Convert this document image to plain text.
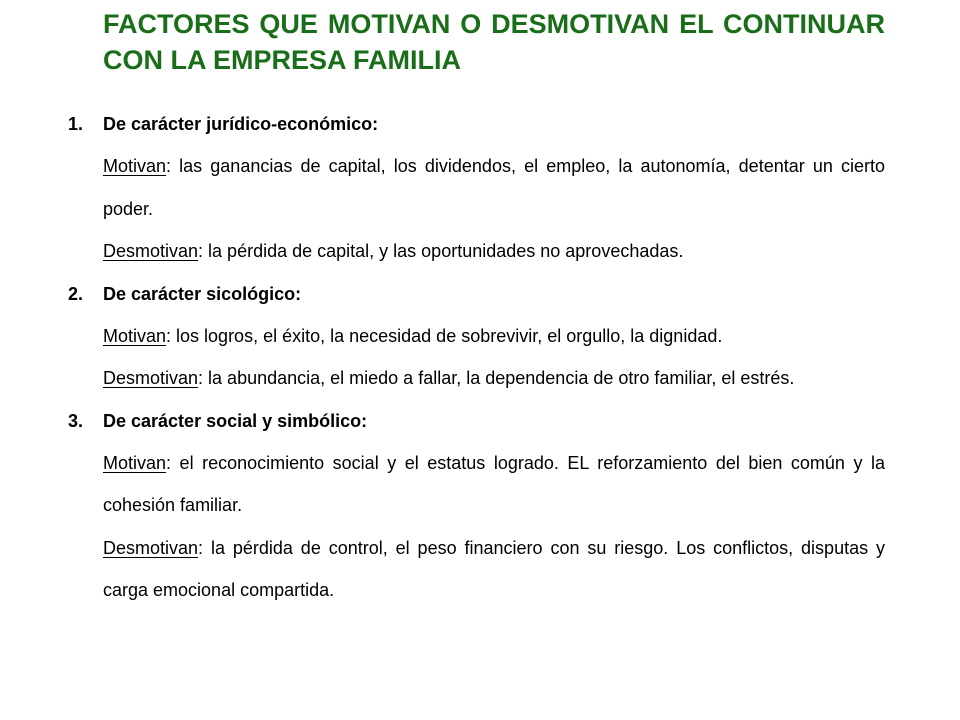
FACTORES QUE MOTIVAN O DESMOTIVAN EL CONTINUAR CON LA EMPRESA FAMILIA
1. De carácter jurídico-económico:

Motivan: las ganancias de capital, los dividendos, el empleo, la autonomía, detentar un cierto poder.

Desmotivan: la pérdida de capital, y las oportunidades no aprovechadas.

2. De carácter sicológico:

Motivan: los logros, el éxito, la necesidad de sobrevivir, el orgullo, la dignidad.

Desmotivan: la abundancia, el miedo a fallar, la dependencia de otro familiar, el estrés.

3. De carácter social y simbólico:

Motivan: el reconocimiento social y el estatus logrado. EL reforzamiento del bien común y la cohesión familiar.

Desmotivan: la pérdida de control, el peso financiero con su riesgo. Los conflictos, disputas y carga emocional compartida.
